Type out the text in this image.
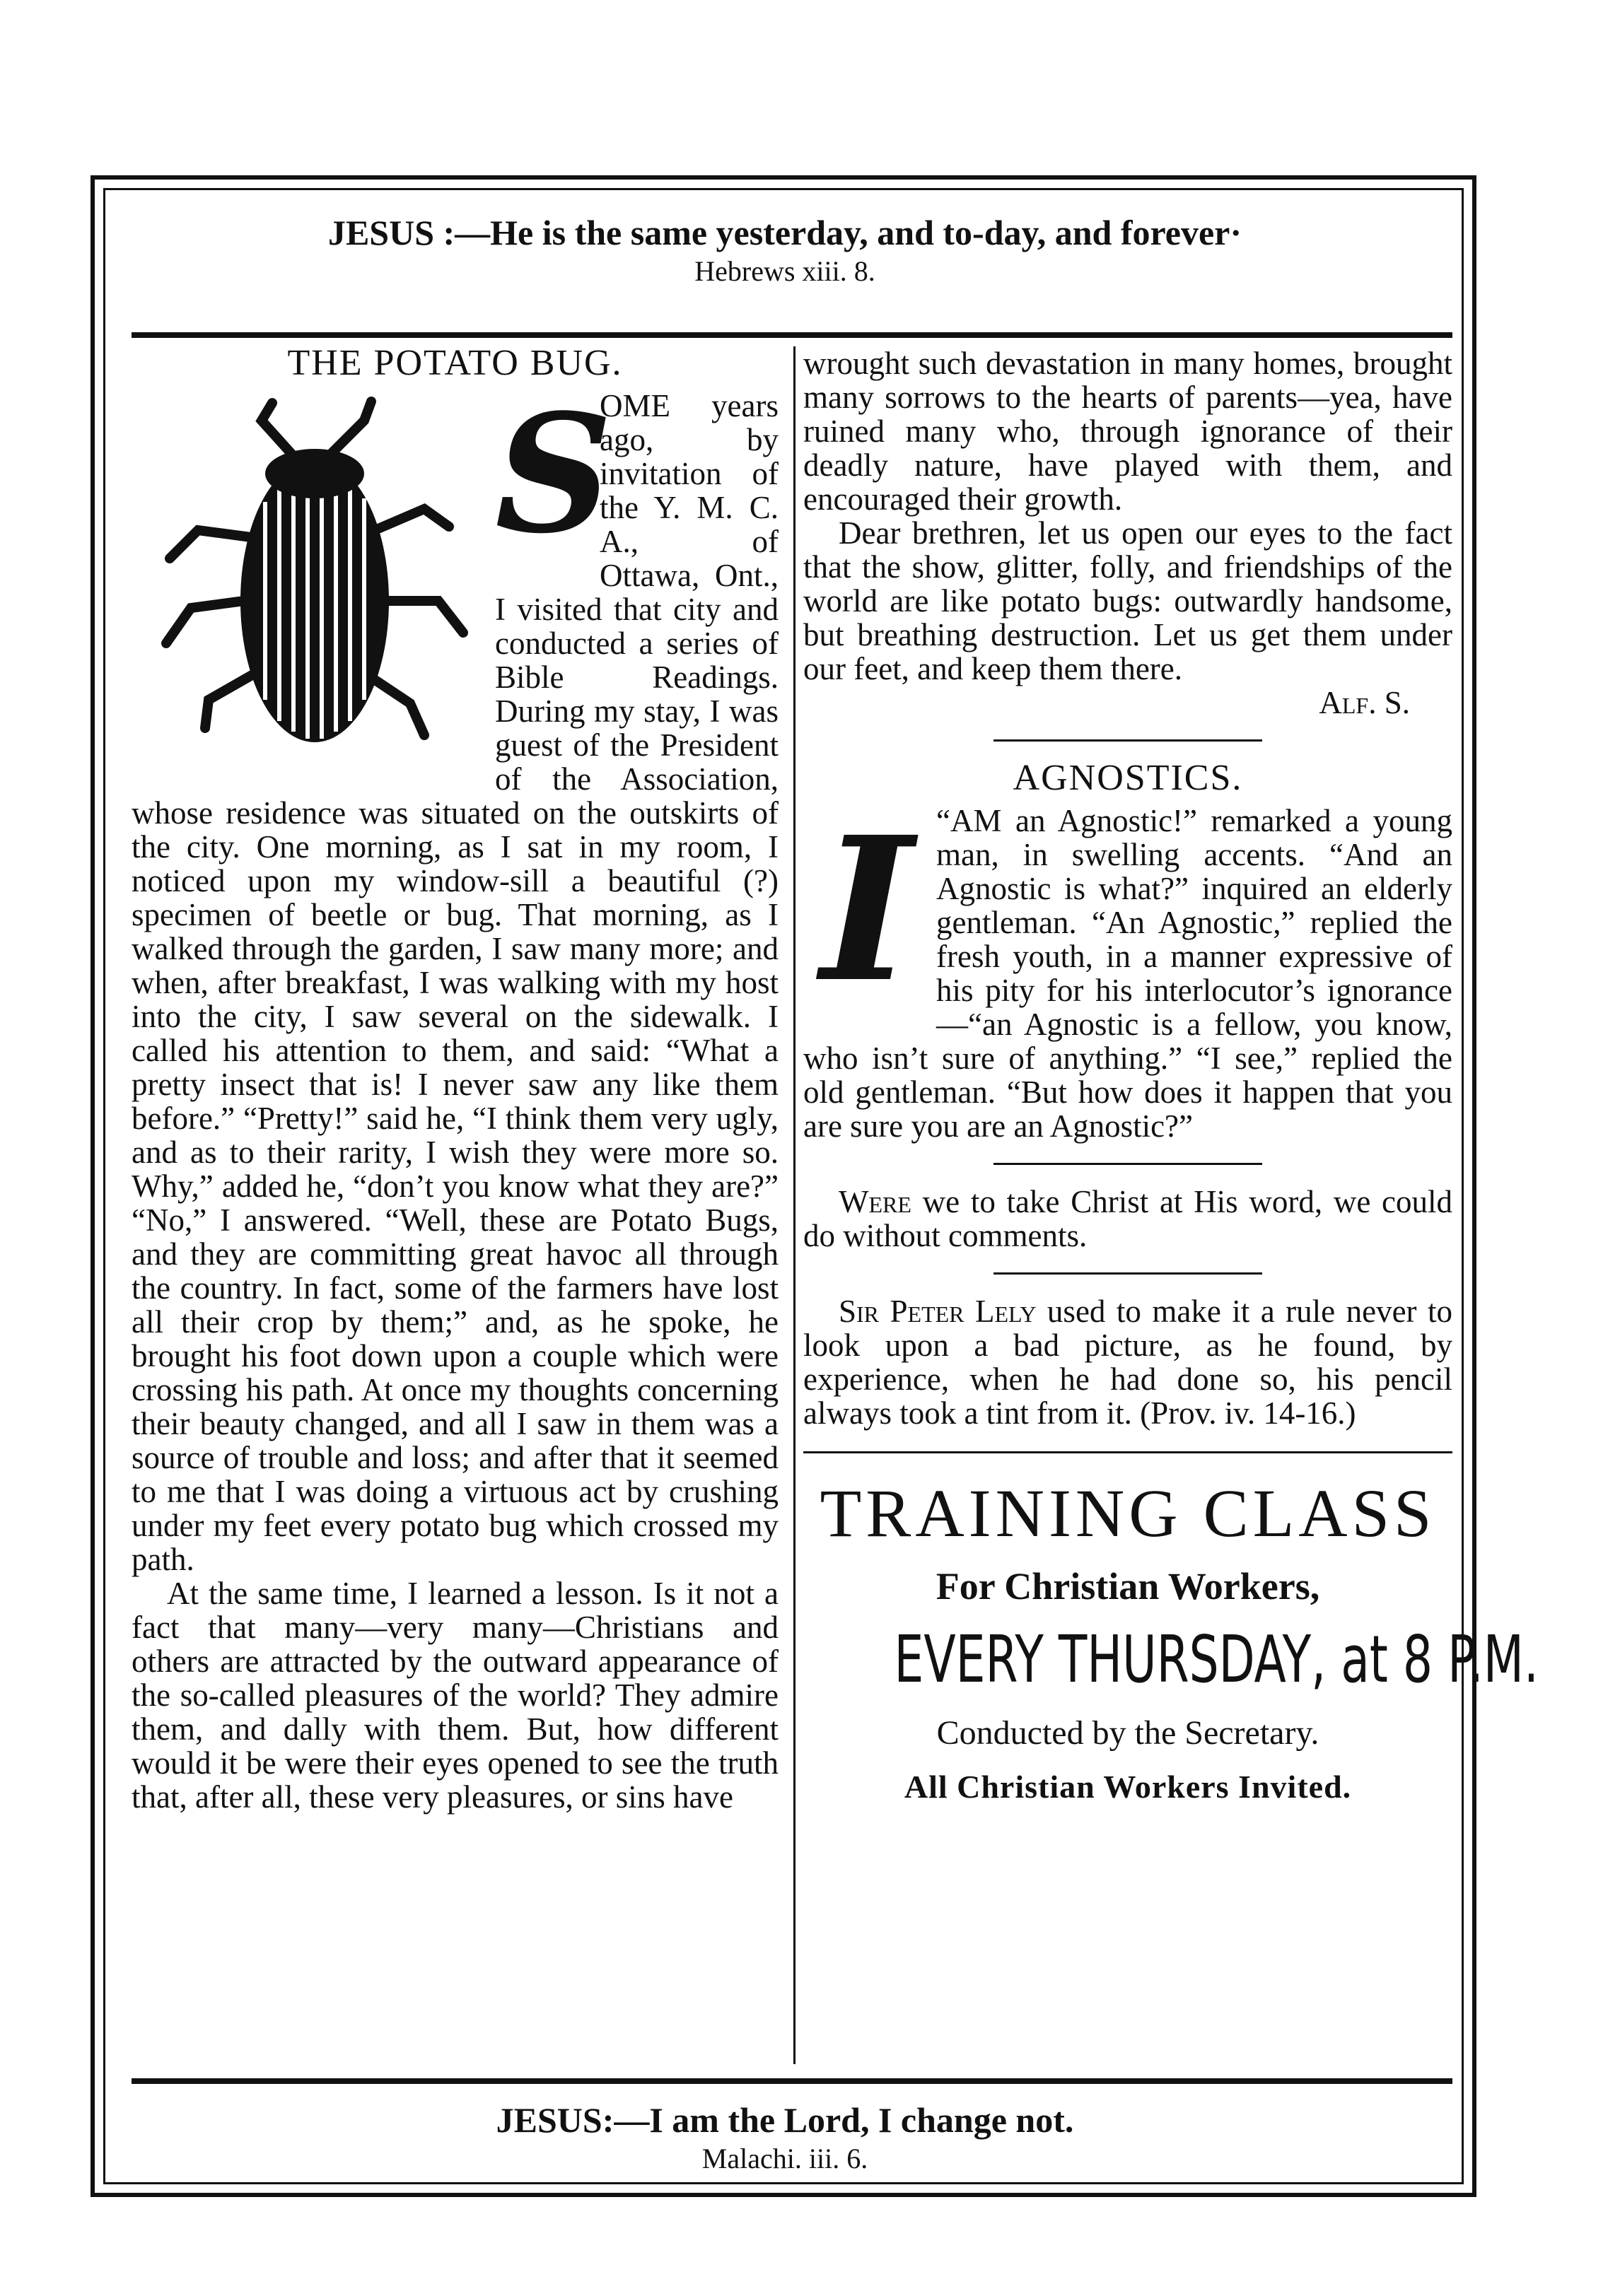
JESUS :—He is the same yesterday, and to-day, and forever·
Hebrews xiii. 8.
THE POTATO BUG.
S

OME years ago, by invitation of the Y. M. C. A., of Ottawa, Ont., I visited that city and conducted a series of Bible Readings. During my stay, I was guest of the President of the Association, whose residence was situated on the outskirts of the city. One morning, as I sat in my room, I noticed upon my window-sill a beautiful (?) specimen of beetle or bug. That morning, as I walked through the garden, I saw many more; and when, after breakfast, I was walking with my host into the city, I saw several on the sidewalk. I called his attention to them, and said: “What a pretty insect that is! I never saw any like them before.” “Pretty!” said he, “I think them very ugly, and as to their rarity, I wish they were more so. Why,” added he, “don’t you know what they are?” “No,” I answered. “Well, these are Potato Bugs, and they are committing great havoc all through the country. In fact, some of the farmers have lost all their crop by them;” and, as he spoke, he brought his foot down upon a couple which were crossing his path. At once my thoughts concerning their beauty changed, and all I saw in them was a source of trouble and loss; and after that it seemed to me that I was doing a virtuous act by crushing under my feet every potato bug which crossed my path.

At the same time, I learned a lesson. Is it not a fact that many—very many—Christians and others are attracted by the outward appearance of the so-called pleasures of the world? They admire them, and dally with them. But, how different would it be were their eyes opened to see the truth that, after all, these very pleasures, or sins have

wrought such devastation in many homes, brought many sorrows to the hearts of parents—yea, have ruined many who, through ignorance of their deadly nature, have played with them, and encouraged their growth.

Dear brethren, let us open our eyes to the fact that the show, glitter, folly, and friendships of the world are like potato bugs: outwardly handsome, but breathing destruction. Let us get them under our feet, and keep them there.

Alf. S.
AGNOSTICS.
I “AM an Agnostic!” remarked a young man, in swelling accents. “And an Agnostic is what?” inquired an elderly gentleman. “An Agnostic,” replied the fresh youth, in a manner expressive of his pity for his interlocutor’s ignorance—“an Agnostic is a fellow, you know, who isn’t sure of anything.” “I see,” replied the old gentleman. “But how does it happen that you are sure you are an Agnostic?”

Were we to take Christ at His word, we could do without comments.

Sir Peter Lely used to make it a rule never to look upon a bad picture, as he found, by experience, when he had done so, his pencil always took a tint from it. (Prov. iv. 14-16.)

TRAINING CLASS
For Christian Workers,
EVERY THURSDAY, at 8 P.M.
Conducted by the Secretary.
All Christian Workers Invited.
JESUS:—I am the Lord, I change not.
Malachi. iii. 6.
